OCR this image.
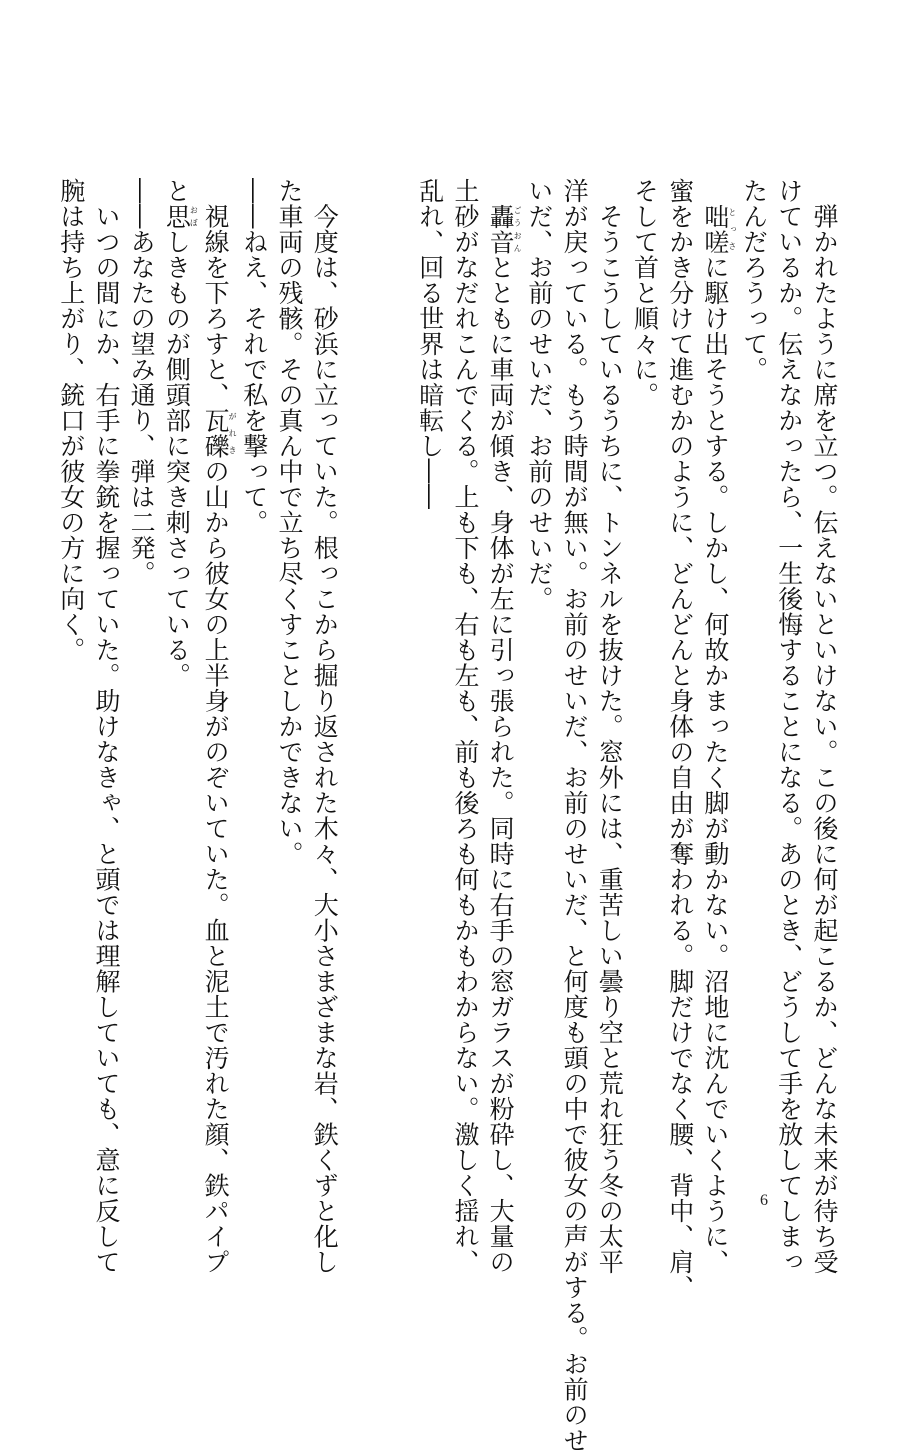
　弾かれたように席を立つ。伝えないといけない。この後に何が起こるか、どんな未来が待ち受
けているか。伝えなかったら、一生後悔することになる。あのとき、どうして手を放してしまっ
たんだろうって。
　咄嗟とっさに駆け出そうとする。しかし、何故かまったく脚が動かない。沼地に沈んでいくように、
蜜をかき分けて進むかのように、どんどんと身体の自由が奪われる。脚だけでなく腰、背中、肩、
そして首と順々に。
　そうこうしているうちに、トンネルを抜けた。窓外には、重苦しい曇り空と荒れ狂う冬の太平
洋が戻っている。もう時間が無い。お前のせいだ、お前のせいだ、と何度も頭の中で彼女の声がする。お前のせ
いだ、お前のせいだ、お前のせいだ。
　轟音ごうおんとともに車両が傾き、身体が左に引っ張られた。同時に右手の窓ガラスが粉砕し、大量の
土砂がなだれこんでくる。上も下も、右も左も、前も後ろも何もかもわからない。激しく揺れ、
乱れ、回る世界は暗転し――
　今度は、砂浜に立っていた。根っこから掘り返された木々、大小さまざまな岩、鉄くずと化し
た車両の残骸。その真ん中で立ち尽くすことしかできない。
――ねえ、それで私を撃って。
　視線を下ろすと、瓦礫がれきの山から彼女の上半身がのぞいていた。血と泥土で汚れた顔、鉄パイプ
と思おぼしきものが側頭部に突き刺さっている。
――あなたの望み通り、弾は二発。
　いつの間にか、右手に拳銃を握っていた。助けなきゃ、と頭では理解していても、意に反して
腕は持ち上がり、銃口が彼女の方に向く。
6
